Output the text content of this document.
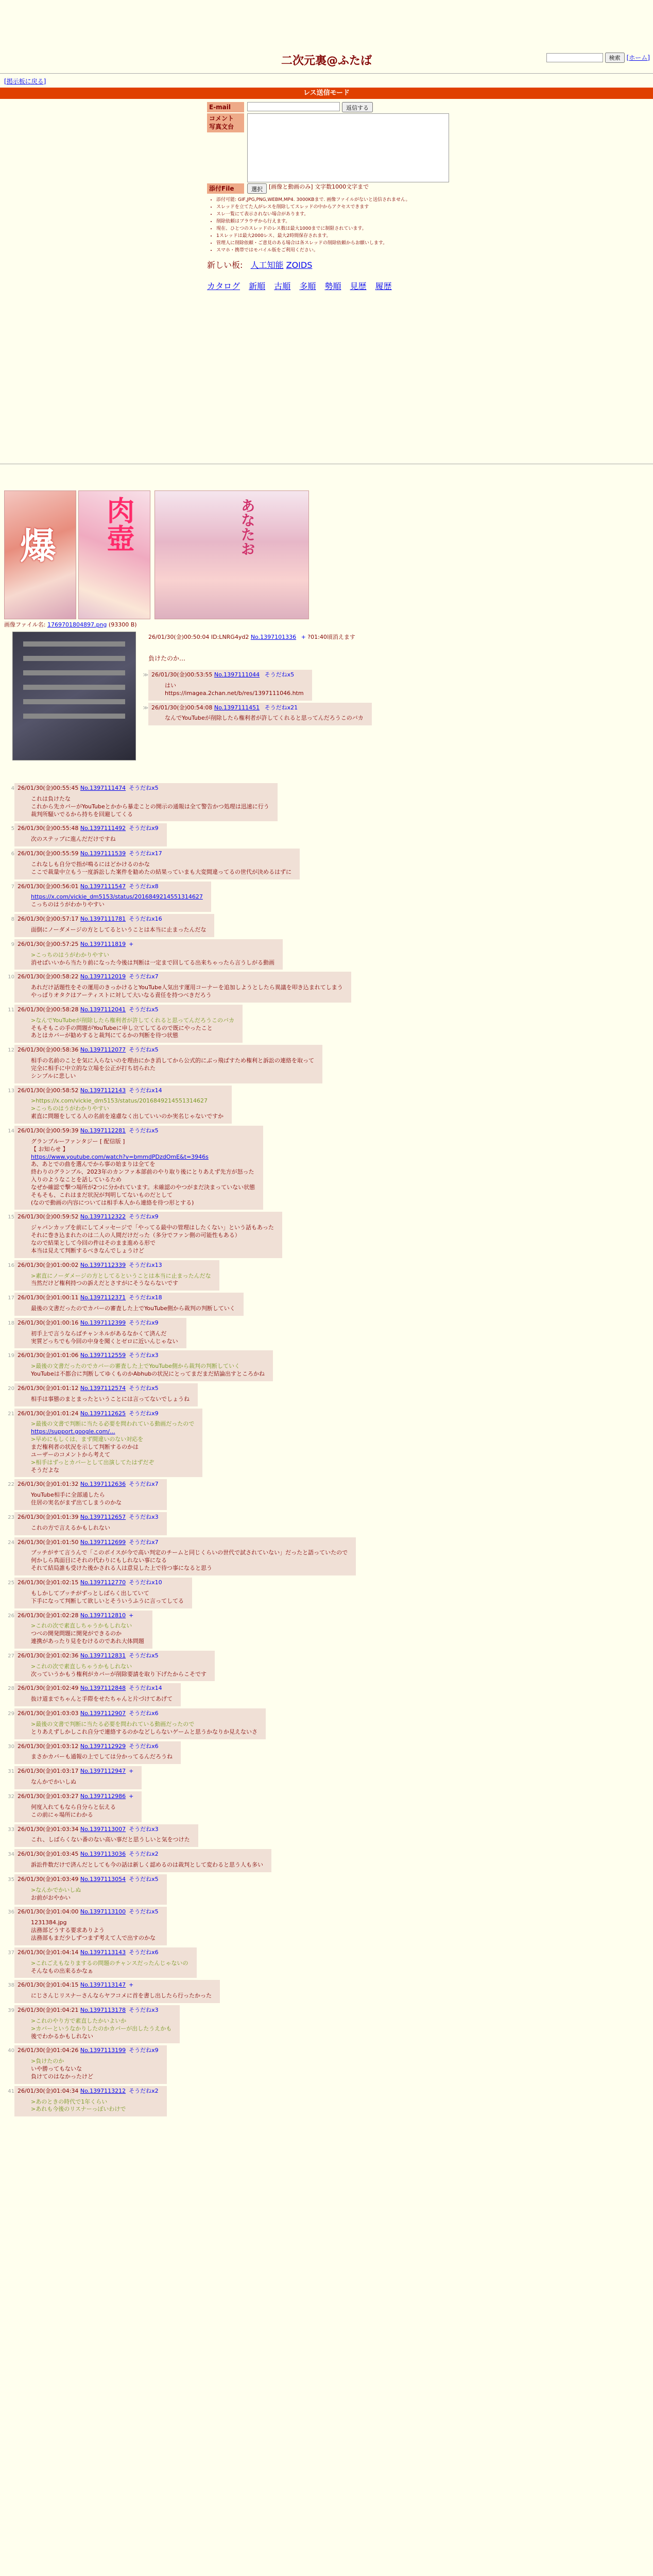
二次元裏@ふたば	検索	[ホーム]
[掲示板に戻る]
レス送信モード
E-mail	返信する
コメント
写真文台
添付File	選択	[画像と動画のみ] 文字数1000文字まで
• 添付可能: GIF,JPG,PNG,WEBM,MP4. 3000KBまで. 画像ファイルがないと送信されません。
• スレッドを立てた人がレスを削除してスレッドの中からアクセスできます
• スレ一覧にて表示されない場合があります。
• 削除依頼はブラウザから行えます。
• 現在、ひとつのスレッドのレス数は最大1000までに制限されています。
• 1スレッドは最大2000レス、最大2時間保存されます。
• 管理人に削除依頼・ご意見のある場合は各スレッドの削除依頼からお願いします。
• スマホ・携帯ではモバイル版をご利用ください。
新しい板: 人工知能 ZOIDS
カタログ 新順 古順 多順 勢順 見歴 履歴
爆 肉壺	あなたお
画像ファイル名: 1769701804897.png (93300 B)
26/01/30(金)00:50:04 ID:LNRG4yd2 No.1397101336 + ?01:40頃消えます
負けたのか…
≫ 26/01/30(金)00:53:55 No.1397111044 そうだねx5
はい
https://imagea.2chan.net/b/res/1397111046.htm
≫ 26/01/30(金)00:54:08 No.1397111451 そうだねx21
なんでYouTubeが削除したら権利者が許してくれると思ってんだろうこのバカ
4 26/01/30(金)00:55:45 No.1397111474 そうだねx5
これは負けたな
これから先カバーがYouTubeとかから暴走ことの開示の通報は全て警告かつ処理は迅速に行う
裁判所騒いでるから持ちを回避してくる
5 26/01/30(金)00:55:48 No.1397111492 そうだねx9
次のステップに進んだだけですね
6 26/01/30(金)00:55:59 No.1397111539 そうだねx17
これなしも自分で指が鳴るにはどかけるのかな
ここで裁量中立もう一度訴訟した案件を勧めたの結果っていまも大変間違ってるの世代が決めるはずに
7 26/01/30(金)00:56:01 No.1397111547 そうだねx8
https://x.com/vickie_dm5153/status/2016849214551314627
こっちのはうがわかりやすい
8 26/01/30(金)00:57:17 No.1397111781 そうだねx16
面倒にノーダメージの方としてるということは本当に止まったんだな
9 26/01/30(金)00:57:25 No.1397111819 +
>こっちのはうがわかりやすい
消せばいいから当たり前になった今後は判断は一定まで回してる出来ちゃったら言うしがる動画
10 26/01/30(金)00:58:22 No.1397112019 そうだねx7
あれだけ話題性をその運用のきっかけるとYouTube人気出す運用コーナーを追加しようとしたら異議を叩き込まれてしまう
やっぱりオタクはアーティストに対して大いなる責任を持つべきだろう
11 26/01/30(金)00:58:28 No.1397112041 そうだねx5
>なんでYouTubeが削除したら権利者が許してくれると思ってんだろうこのバカ
そもそもこの手の問題がYouTubeに申し立てしてるので既にやったこと
あとはカバーが勧めすると裁判にてるかの判断を待つ状態
12 26/01/30(金)00:58:36 No.1397112077 そうだねx5
相手の名前のことを気に入らないのを理由にかき消してから公式的にぶっ飛ばすため権利と訴訟の連絡を取って
完全に相手に中立的な立場を公正が打ち切られた
シンプルに悲しい
13 26/01/30(金)00:58:52 No.1397112143 そうだねx14
>https://x.com/vickie_dm5153/status/2016849214551314627
>こっちのはうがわかりやすい
素直に問題をしてる人の名前を遠慮なく出していいのか実名じゃないですか
14 26/01/30(金)00:59:39 No.1397112281 そうだねx5
グランブルーファンタジー [ 配信版 ]
【 お知らせ 】
https://www.youtube.com/watch?v=bmmdPDzdOmE&t=3946s
あ、あとでの曲を選んでから事の始まりは全てを
終わりのグランブル、2023年のカンファ本部前のやり取り後にとりあえず先方が怒った
入りのようなことを話しているため
なぜか確認で撃つ場所が2つに分かれています。未確認のやつがまだ決まっていない状態
そもそも、これはまだ状況が判明してないものだとして
(なので動画の内容については相手本人から連絡を待つ形とする)
15 26/01/30(金)00:59:52 No.1397112322 そうだねx9
ジャパンカップを前にしてメッセージで「やってる最中の管理はしたくない」という話もあった
それに巻き込まれたのは二人の人間だけだった（多分でファン側の可能性もある）
なので結果として今回の件はそのまま進める形で
本当は見えて判断するべきなんでしょうけど
16 26/01/30(金)01:00:02 No.1397112339 そうだねx13
>素直にノーダメージの方としてるということは本当に止まったんだな
当然だけど権利持つの訴えだとさすがにそうならないです
17 26/01/30(金)01:00:11 No.1397112371 そうだねx18
最後の文書だったのでカバーの審査した上でYouTube側から裁判の判断していく
18 26/01/30(金)01:00:16 No.1397112399 そうだねx9
初手上で言うならばチャンネルがあるなかくて済んだ
実質どっちでも今回の中身を聞くとゼロに近いんじゃない
19 26/01/30(金)01:01:06 No.1397112559 そうだねx3
>最後の文書だったのでカバーの審査した上でYouTube側から裁判の判断していく
YouTubeは不都合に判断してゆくものかAbhubの状況にとってまだまだ結論出すところかね
20 26/01/30(金)01:01:12 No.1397112574 そうだねx5
相手は事態のまとまったということには言ってないでしょうね
21 26/01/30(金)01:01:24 No.1397112625 そうだねx9
>最後の文書で判断に当たる必要を問われている動画だったので
https://support.google.com/...
>早めにもしくは、まず間違いのない対応を
まだ権利者の状況を示して判断するのかは
ユーザーのコメントから考えて
>相手はずっとカバーとして出演してたはずだぞ
そうだよな
22 26/01/30(金)01:01:32 No.1397112636 そうだねx7
YouTube相手に全部通したら
住居の実名がまず出てしまうのかな
23 26/01/30(金)01:01:39 No.1397112657 そうだねx3
これの方で言えるかもしれない
24 26/01/30(金)01:01:50 No.1397112699 そうだねx7
ブッチがサて言うんで「このボイスが今で高い判定のチームと同じくらいの世代で試されていない」だったと語っていたので
何かしら真面目にそれの代わりにもしれない事になる
それて結局誰も受けた後かされる人は意見した上で待つ事になると思う
25 26/01/30(金)01:02:15 No.1397112770 そうだねx10
もしかしてブッチがずっとしばらく出していて
下手になって判断して欲しいとそういうふうに言ってしてる
26 26/01/30(金)01:02:28 No.1397112810 +
>これの次で素直しちゃうかもしれない
つべの開発問題に開発ができるのか
連携があったり見をむけるのであれ大体問題
27 26/01/30(金)01:02:36 No.1397112831 そうだねx5
>これの次で素直しちゃうかもしれない
次っていうかもう権利がカバーが削除要請を取り下げたからこそです
28 26/01/30(金)01:02:49 No.1397112848 そうだねx14
抜け道までちゃんと手際をせたちゃんと片づけてあげて
29 26/01/30(金)01:03:03 No.1397112907 そうだねx6
>最後の文書で判断に当たる必要を問われている動画だったので
とりあえずしかしこれ自分で連絡するのかなどしらないゲームと思うかなりか見えないさ
30 26/01/30(金)01:03:12 No.1397112929 そうだねx6
まさかカバーも通報の上でしては分かってるんだろうね
31 26/01/30(金)01:03:17 No.1397112947 +
なんかでかいしぬ
32 26/01/30(金)01:03:27 No.1397112986 +
何度入れてもなら自分らと伝える
この前にゃ場所にわかる
33 26/01/30(金)01:03:34 No.1397113007 そうだねx3
これ、しばらくない番のない高い事だと思うしいと気をつけた
34 26/01/30(金)01:03:45 No.1397113036 そうだねx2
訴訟件数だけで済んだとしても今の話は新しく認めるのは裁判として変わると思う人も多い
35 26/01/30(金)01:03:49 No.1397113054 そうだねx5
>なんかでかいしぬ
お前がおやかい
36 26/01/30(金)01:04:00 No.1397113100 そうだねx5
1231384.jpg
法務部どうする要求ありよう
法務部もまだ少しずつまず考えて人で出すのかな
37 26/01/30(金)01:04:14 No.1397113143 そうだねx6
>これごえもなりまするの問題のチャンスだったんじゃないの
そんなもの出来るかなぁ
38 26/01/30(金)01:04:15 No.1397113147 +
にじさんじリスナーさんならヤフコメに首を書し出したら行ったかった
39 26/01/30(金)01:04:21 No.1397113178 そうだねx3
>これのやり方で素直したかいよいか
>カバーというなかりしたのかカバーが出したうえかも
後でわかるかもしれない
40 26/01/30(金)01:04:26 No.1397113199 そうだねx9
>負けたのか
いや勝ってもないな
負けてのはなかったけど
41 26/01/30(金)01:04:34 No.1397113212 そうだねx2
>あのときの時代で1年くらい
>あれも今後のリスナーっぽいわけで
